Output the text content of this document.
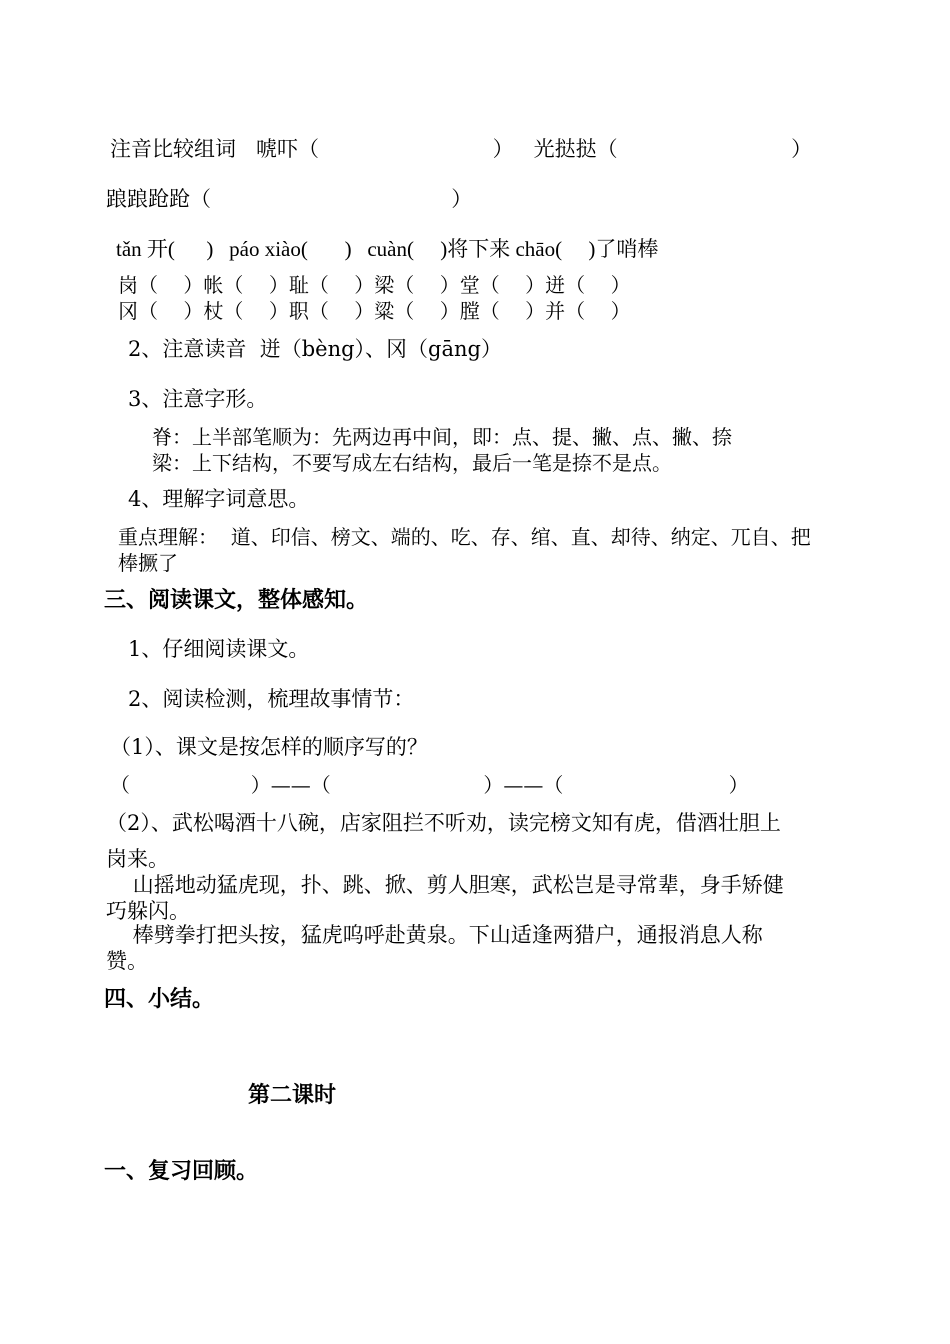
注音比较组词   唬吓（                          ）   光挞挞（                          ）
踉踉跄跄（                                    ）
tǎn 开(      )   páo xiào(       )   cuàn(     )将下来 chāo(     )了哨棒
岗（    ）帐（    ）耻（    ）梁（    ）堂（    ）迸（    ）
冈（    ）杖（    ）职（    ）粱（    ）膛（    ）并（    ）
2、注意读音  迸（bèng）、冈（gāng）
3、注意字形。
脊：上半部笔顺为：先两边再中间，即：点、提、撇、点、撇、捺
梁：上下结构，不要写成左右结构，最后一笔是捺不是点。
4、理解字词意思。
重点理解：  道、印信、榜文、端的、吃、存、绾、直、却待、纳定、兀自、把
棒撅了
三、阅读课文，整体感知。
1、仔细阅读课文。
2、阅读检测，梳理故事情节：
（1）、课文是按怎样的顺序写的？
（                   ）——（                        ）——（                          ）
（2）、武松喝酒十八碗，店家阻拦不听劝，读完榜文知有虎，借酒壮胆上
岗来。
山摇地动猛虎现，扑、跳、掀、剪人胆寒，武松岂是寻常辈，身手矫健
巧躲闪。
棒劈拳打把头按，猛虎呜呼赴黄泉。下山适逢两猎户，通报消息人称
赞。
四、小结。
第二课时
一、复习回顾。
